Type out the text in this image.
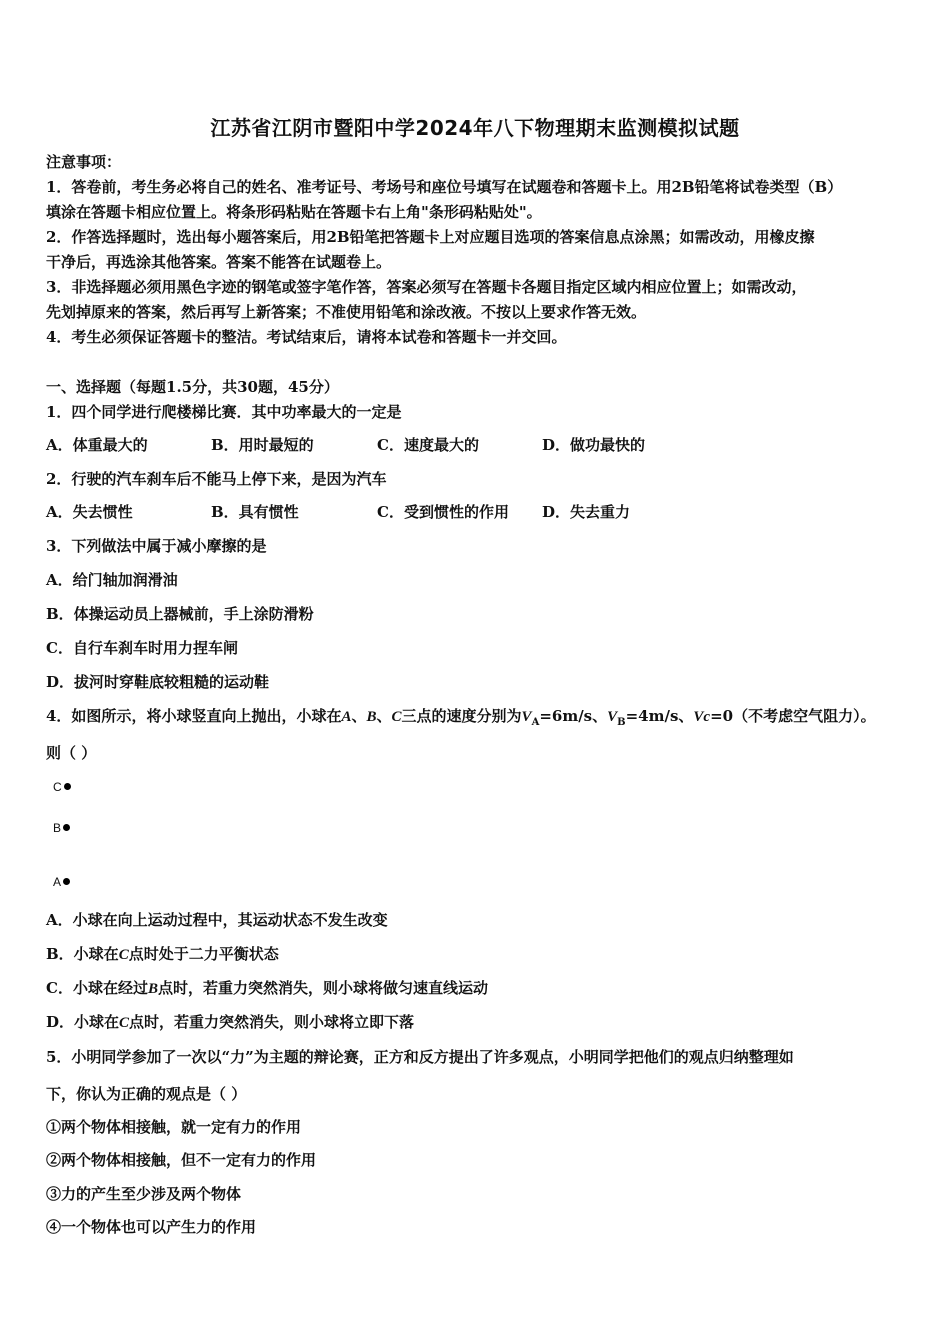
江苏省江阴市暨阳中学2024年八下物理期末监测模拟试题
注意事项：
1．答卷前，考生务必将自己的姓名、准考证号、考场号和座位号填写在试题卷和答题卡上。用2B铅笔将试卷类型（B）
填涂在答题卡相应位置上。将条形码粘贴在答题卡右上角"条形码粘贴处"。
2．作答选择题时，选出每小题答案后，用2B铅笔把答题卡上对应题目选项的答案信息点涂黑；如需改动，用橡皮擦
干净后，再选涂其他答案。答案不能答在试题卷上。
3．非选择题必须用黑色字迹的钢笔或签字笔作答，答案必须写在答题卡各题目指定区域内相应位置上；如需改动，
先划掉原来的答案，然后再写上新答案；不准使用铅笔和涂改液。不按以上要求作答无效。
4．考生必须保证答题卡的整洁。考试结束后，请将本试卷和答题卡一并交回。
一、选择题（每题1.5分，共30题，45分）
1．四个同学进行爬楼梯比赛．其中功率最大的一定是
A．体重最大的	B．用时最短的	C．速度最大的	D．做功最快的
2．行驶的汽车刹车后不能马上停下来，是因为汽车
A．失去惯性	B．具有惯性	C．受到惯性的作用 D．失去重力
3．下列做法中属于减小摩擦的是
A．给门轴加润滑油
B．体操运动员上器械前，手上涂防滑粉
C．自行车刹车时用力捏车闸
D．拔河时穿鞋底较粗糙的运动鞋
4．如图所示，将小球竖直向上抛出，小球在A、B、C三点的速度分别为$V_A=6m/s$、$V_B=4m/s$、Vc=0（不考虑空气阻力）。
则（ ）
C
B
A
A．小球在向上运动过程中，其运动状态不发生改变
B．小球在C点时处于二力平衡状态
C．小球在经过B点时，若重力突然消失，则小球将做匀速直线运动
D．小球在C点时，若重力突然消失，则小球将立即下落
5．小明同学参加了一次以“力”为主题的辩论赛，正方和反方提出了许多观点，小明同学把他们的观点归纳整理如
下，你认为正确的观点是（ ）
①两个物体相接触，就一定有力的作用
②两个物体相接触，但不一定有力的作用
③力的产生至少涉及两个物体
④一个物体也可以产生力的作用
